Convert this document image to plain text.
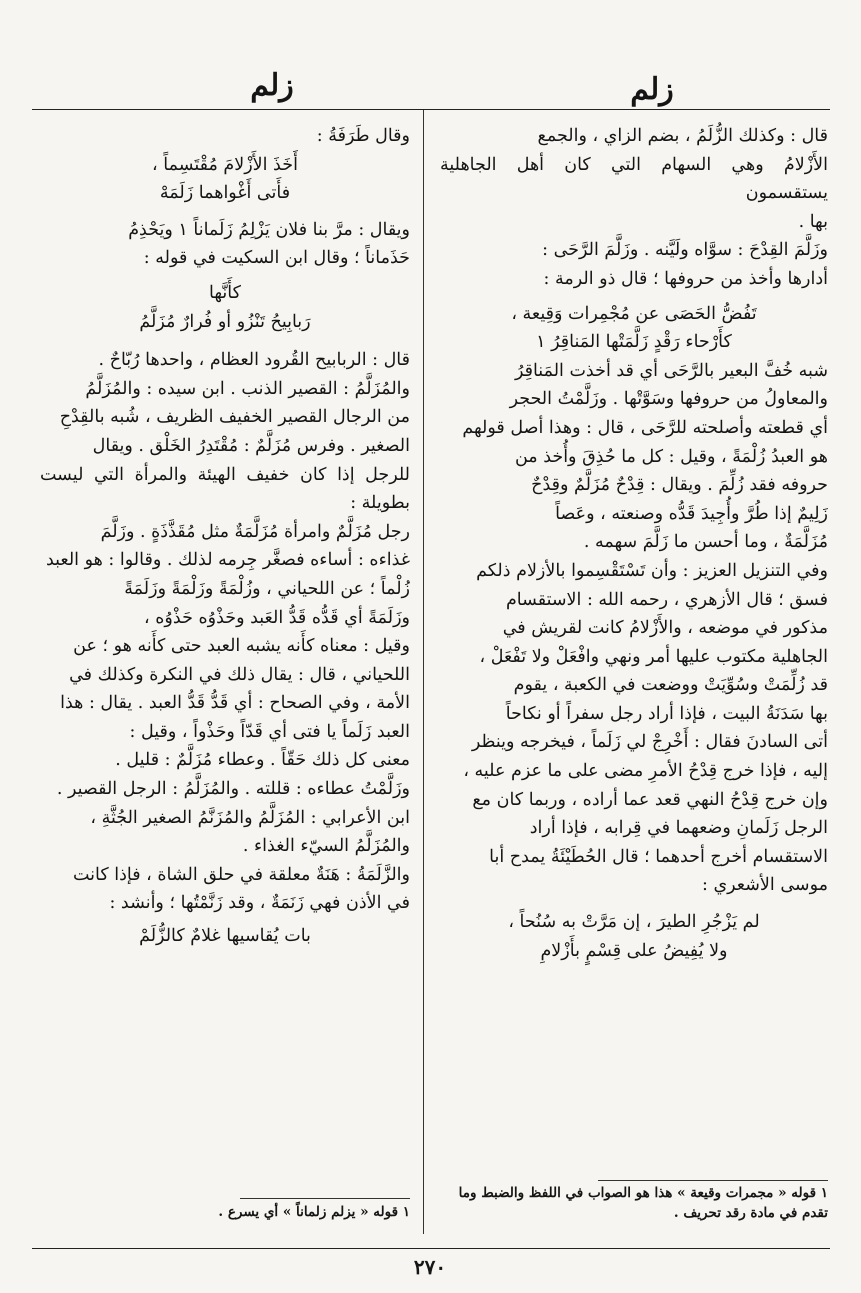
زلم	زلم

قال : وكذلك الزُّلَمُ ، بضم الزاي ، والجمع

الأَزْلامُ وهي السهام التي كان أهل الجاهلية يستقسمون

بها .

وزَلَّمَ القِدْحَ : سوَّاه ولَيَّنه . وزَلَّمَ الرَّحَى :

أدارها وأخذ من حروفها ؛ قال ذو الرمة :

تَفُضُّ الحَصَى عن مُجْمِرات وَقِيعة ،

كأَرْحاء رَقْدٍ زَلَّمَتْها المَناقِرُ ١

شبه خُفَّ البعير بالرَّحَى أي قد أخذت المَناقِرُ

والمعاولُ من حروفها وسَوَّتْها . وزَلَّمْتُ الحجر

أي قطعته وأصلحته للرَّحَى ، قال : وهذا أصل قولهم

هو العبدُ زُلْمَةً ، وقيل : كل ما حُذِقَ وأُخذ من

حروفه فقد زُلِّمَ . ويقال : قِدْحٌ مُزَلَّمٌ وقِدْحٌ

زَلِيمٌ إذا طُرَّ وأُجِيدَ قَدُّه وصنعته ، وعَصاً

مُزَلَّمَةٌ ، وما أحسن ما زَلَّمَ سهمه .

وفي التنزيل العزيز : وأن تَسْتَقْسِموا بالأزلام ذلكم

فسق ؛ قال الأزهري ، رحمه الله : الاستقسام

مذكور في موضعه ، والأَزْلامُ كانت لقريش في

الجاهلية مكتوب عليها أمر ونهي وافْعَلْ ولا تَفْعَلْ ،

قد زُلِّمَتْ وسُوِّيَتْ ووضعت في الكعبة ، يقوم

بها سَدَنَةُ البيت ، فإذا أراد رجل سفراً أو نكاحاً

أتى السادنَ فقال : أَخْرِجْ لي زَلَماً ، فيخرجه وينظر

إليه ، فإذا خرج قِدْحُ الأمرِ مضى على ما عزم عليه ،

وإن خرج قِدْحُ النهي قعد عما أراده ، وربما كان مع

الرجل زَلَمانِ وضعهما في قِرابه ، فإذا أراد

الاستقسام أخرج أحدهما ؛ قال الحُطَيْئَةُ يمدح أبا

موسى الأشعري :

لم يَزْجُرِ الطيرَ ، إن مَرَّتْ به سُنُحاً ،

ولا يُفِيضُ على قِسْمٍ بأَزْلامِ

وقال طَرَفَةُ :

أَخَذَ الأَزْلامَ مُقْتَسِماً ،

فأَتى أَغْواهما زَلَمَهْ

ويقال : مرَّ بنا فلان يَزْلِمُ زَلَماناً ١ ويَحْذِمُ

حَذَماناً ؛ وقال ابن السكيت في قوله :

كأَنَّها

رَبابِيحُ تَنْزُو أو فُرارٌ مُزَلَّمُ

قال : الربابيح القُرود العظام ، واحدها رُبّاحٌ .

والمُزَلَّمُ : القصير الذنب . ابن سيده : والمُزَلَّمُ

من الرجال القصير الخفيف الظريف ، شُبه بالقِدْحِ

الصغير . وفرس مُزَلَّمٌ : مُقْتَدِرُ الخَلْق . ويقال

للرجل إذا كان خفيف الهيئة والمرأة التي ليست بطويلة :

رجل مُزَلَّمٌ وامرأة مُزَلَّمَةٌ مثل مُقَذَّذَةٍ . وزَلَّمَ

غذاءه : أساءه فصغَّر جِرمه لذلك . وقالوا : هو العبد

زُلْماً ؛ عن اللحياني ، وزُلْمَةً وزَلْمَةً وزَلَمَةً

وزَلَمَةً أي قَدُّه قَدُّ العَبد وحَذْوُه حَذْوُه ،

وقيل : معناه كأَنه يشبه العبد حتى كأَنه هو ؛ عن

اللحياني ، قال : يقال ذلك في النكرة وكذلك في

الأمة ، وفي الصحاح : أي قَدُّ قَدُّ العبد . يقال : هذا

العبد زَلَماً يا فتى أي قَدّاً وحَذْواً ، وقيل :

معنى كل ذلك حَقّاً . وعطاء مُزَلَّمٌ : قليل .

وزَلَّمْتُ عطاءه : قللته . والمُزَلَّمُ : الرجل القصير .

ابن الأعرابي : المُزَلَّمُ والمُزَنَّمُ الصغير الجُثَّةِ ،

والمُزَلَّمُ السيّء الغذاء .

والزَّلَمَةُ : هَنَةٌ معلقة في حلق الشاة ، فإذا كانت

في الأذن فهي زَنَمَةٌ ، وقد زَنَّمْتُها ؛ وأنشد :

بات يُقاسيها غلامٌ كالزُّلَمْ

١ قوله « مجمرات وقيعة » هذا هو الصواب في اللفظ والضبط وما تقدم في مادة رقد تحريف .
١ قوله « يزلم زلماناً » أي يسرع .
٢٧٠
